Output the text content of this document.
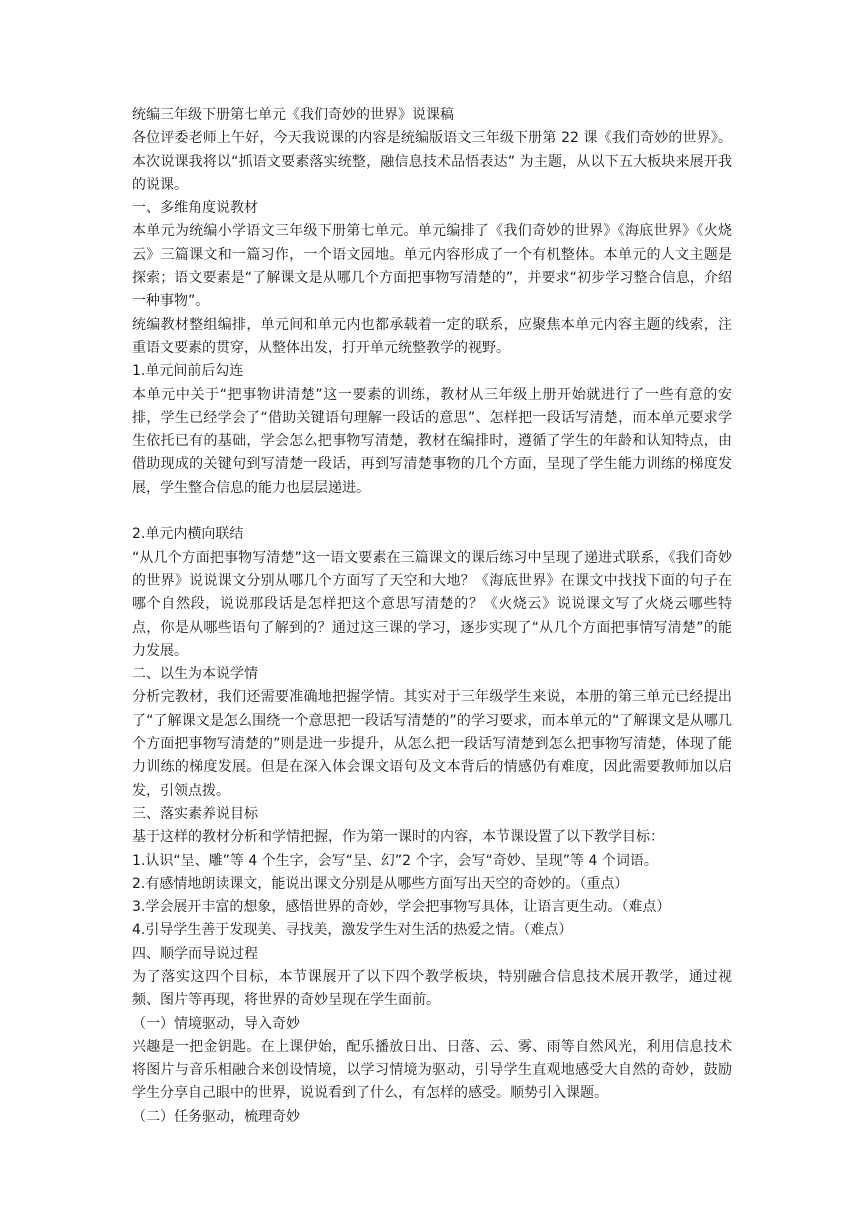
统编三年级下册第七单元《我们奇妙的世界》说课稿

各位评委老师上午好，今天我说课的内容是统编版语文三年级下册第 22 课《我们奇妙的世界》。本次说课我将以“抓语文要素落实统整，融信息技术品悟表达” 为主题，从以下五大板块来展开我的说课。

一、多维角度说教材

本单元为统编小学语文三年级下册第七单元。单元编排了《我们奇妙的世界》《海底世界》《火烧云》三篇课文和一篇习作，一个语文园地。单元内容形成了一个有机整体。本单元的人文主题是探索；语文要素是“了解课文是从哪几个方面把事物写清楚的”，并要求“初步学习整合信息，介绍一种事物”。

统编教材整组编排，单元间和单元内也都承载着一定的联系，应聚焦本单元内容主题的线索，注重语文要素的贯穿，从整体出发，打开单元统整教学的视野。

1.单元间前后勾连

本单元中关于“把事物讲清楚”这一要素的训练，教材从三年级上册开始就进行了一些有意的安排，学生已经学会了“借助关键语句理解一段话的意思”、怎样把一段话写清楚，而本单元要求学生依托已有的基础，学会怎么把事物写清楚，教材在编排时，遵循了学生的年龄和认知特点，由借助现成的关键句到写清楚一段话，再到写清楚事物的几个方面，呈现了学生能力训练的梯度发展，学生整合信息的能力也层层递进。

2.单元内横向联结

“从几个方面把事物写清楚”这一语文要素在三篇课文的课后练习中呈现了递进式联系，《我们奇妙的世界》说说课文分别从哪几个方面写了天空和大地？《海底世界》在课文中找找下面的句子在哪个自然段，说说那段话是怎样把这个意思写清楚的？《火烧云》说说课文写了火烧云哪些特点，你是从哪些语句了解到的？通过这三课的学习，逐步实现了“从几个方面把事情写清楚”的能力发展。

二、以生为本说学情

分析完教材，我们还需要准确地把握学情。其实对于三年级学生来说，本册的第三单元已经提出了“了解课文是怎么围绕一个意思把一段话写清楚的”的学习要求，而本单元的“了解课文是从哪几个方面把事物写清楚的”则是进一步提升，从怎么把一段话写清楚到怎么把事物写清楚，体现了能力训练的梯度发展。但是在深入体会课文语句及文本背后的情感仍有难度，因此需要教师加以启发，引领点拨。

三、落实素养说目标

基于这样的教材分析和学情把握，作为第一课时的内容，本节课设置了以下教学目标：

1.认识“呈、雕”等 4 个生字，会写“呈、幻”2 个字，会写“奇妙、呈现”等 4 个词语。

2.有感情地朗读课文，能说出课文分别是从哪些方面写出天空的奇妙的。（重点）

3.学会展开丰富的想象，感悟世界的奇妙，学会把事物写具体，让语言更生动。（难点）

4.引导学生善于发现美、寻找美，激发学生对生活的热爱之情。（难点）

四、顺学而导说过程

为了落实这四个目标，本节课展开了以下四个教学板块，特别融合信息技术展开教学，通过视频、图片等再现，将世界的奇妙呈现在学生面前。

（一）情境驱动，导入奇妙

兴趣是一把金钥匙。在上课伊始，配乐播放日出、日落、云、雾、雨等自然风光，利用信息技术将图片与音乐相融合来创设情境，以学习情境为驱动，引导学生直观地感受大自然的奇妙，鼓励学生分享自己眼中的世界，说说看到了什么，有怎样的感受。顺势引入课题。

（二）任务驱动，梳理奇妙
